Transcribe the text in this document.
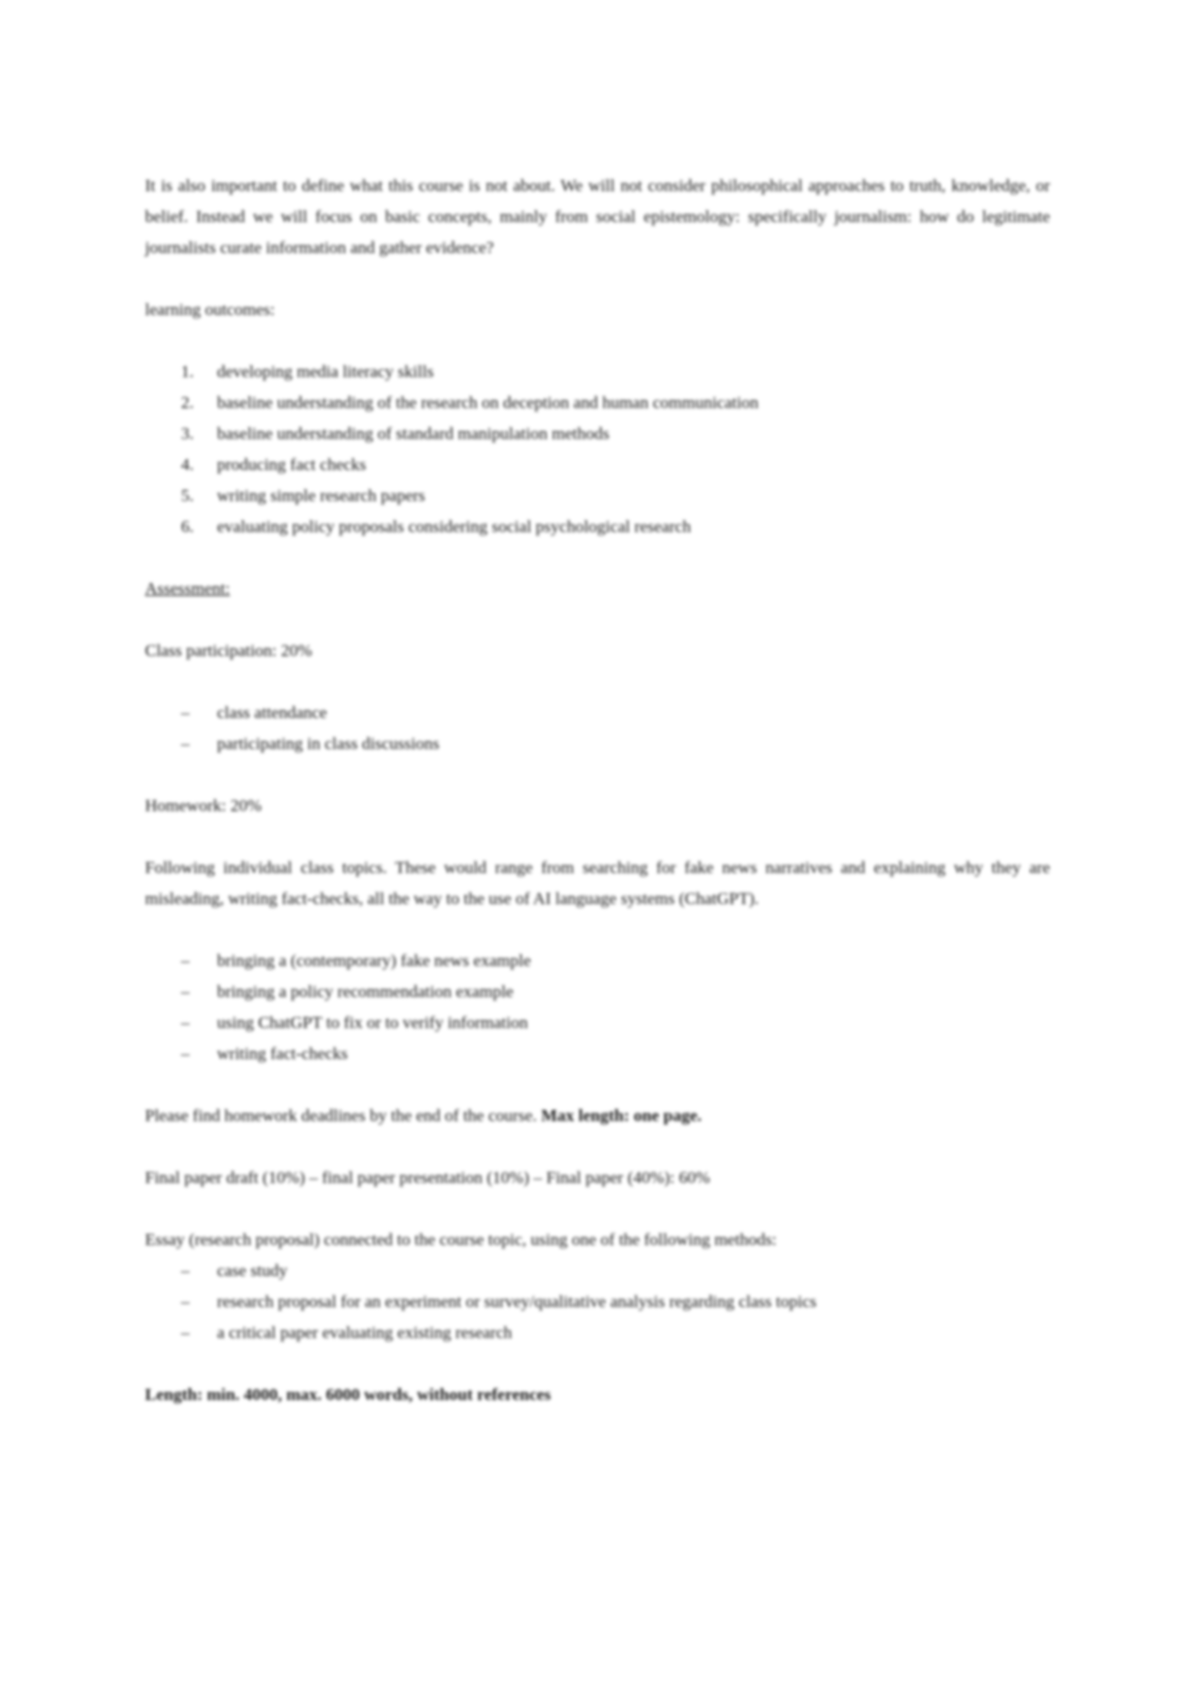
It is also important to define what this course is not about. We will not consider philosophical approaches to truth, knowledge, or belief. Instead we will focus on basic concepts, mainly from social epistemology: specifically journalism: how do legitimate journalists curate information and gather evidence?

learning outcomes:

1. developing media literacy skills
2. baseline understanding of the research on deception and human communication
3. baseline understanding of standard manipulation methods
4. producing fact checks
5. writing simple research papers
6. evaluating policy proposals considering social psychological research

Assessment:

Class participation: 20%

– class attendance
– participating in class discussions

Homework: 20%

Following individual class topics. These would range from searching for fake news narratives and explaining why they are misleading, writing fact-checks, all the way to the use of AI language systems (ChatGPT).

– bringing a (contemporary) fake news example
– bringing a policy recommendation example
– using ChatGPT to fix or to verify information
– writing fact-checks

Please find homework deadlines by the end of the course. Max length: one page.

Final paper draft (10%) – final paper presentation (10%) – Final paper (40%): 60%

Essay (research proposal) connected to the course topic, using one of the following methods:

– case study
– research proposal for an experiment or survey/qualitative analysis regarding class topics
– a critical paper evaluating existing research

Length: min. 4000, max. 6000 words, without references
